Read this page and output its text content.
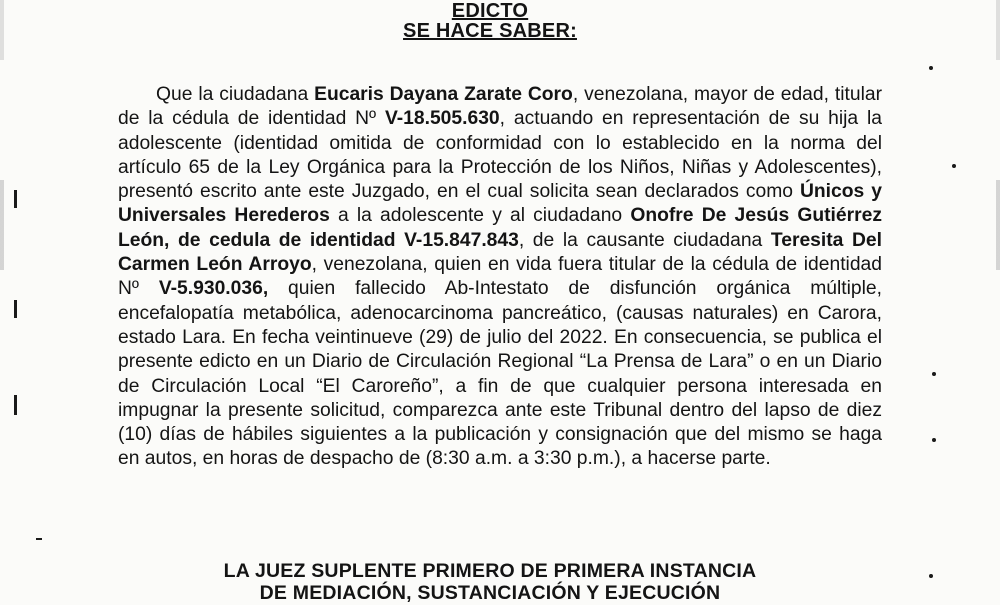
EDICTO
SE HACE SABER:

Que la ciudadana Eucaris Dayana Zarate Coro, venezolana, mayor de edad, titular de la cédula de identidad Nº V-18.505.630, actuando en representación de su hija la adolescente (identidad omitida de conformidad con lo establecido en la norma del artículo 65 de la Ley Orgánica para la Protección de los Niños, Niñas y Adolescentes), presentó escrito ante este Juzgado, en el cual solicita sean declarados como Únicos y Universales Herederos a la adolescente y al ciudadano Onofre De Jesús Gutiérrez León, de cedula de identidad V-15.847.843, de la causante ciudadana Teresita Del Carmen León Arroyo, venezolana, quien en vida fuera titular de la cédula de identidad Nº V-5.930.036, quien fallecido Ab-Intestato de disfunción orgánica múltiple, encefalopatía metabólica, adenocarcinoma pancreático, (causas naturales) en Carora, estado Lara. En fecha veintinueve (29) de julio del 2022. En consecuencia, se publica el presente edicto en un Diario de Circulación Regional “La Prensa de Lara” o en un Diario de Circulación Local “El Caroreño”, a fin de que cualquier persona interesada en impugnar la presente solicitud, comparezca ante este Tribunal dentro del lapso de diez (10) días de hábiles siguientes a la publicación y consignación que del mismo se haga en autos, en horas de despacho de (8:30 a.m. a 3:30 p.m.), a hacerse parte.

LA JUEZ SUPLENTE PRIMERO DE PRIMERA INSTANCIA
DE MEDIACIÓN, SUSTANCIACIÓN Y EJECUCIÓN
